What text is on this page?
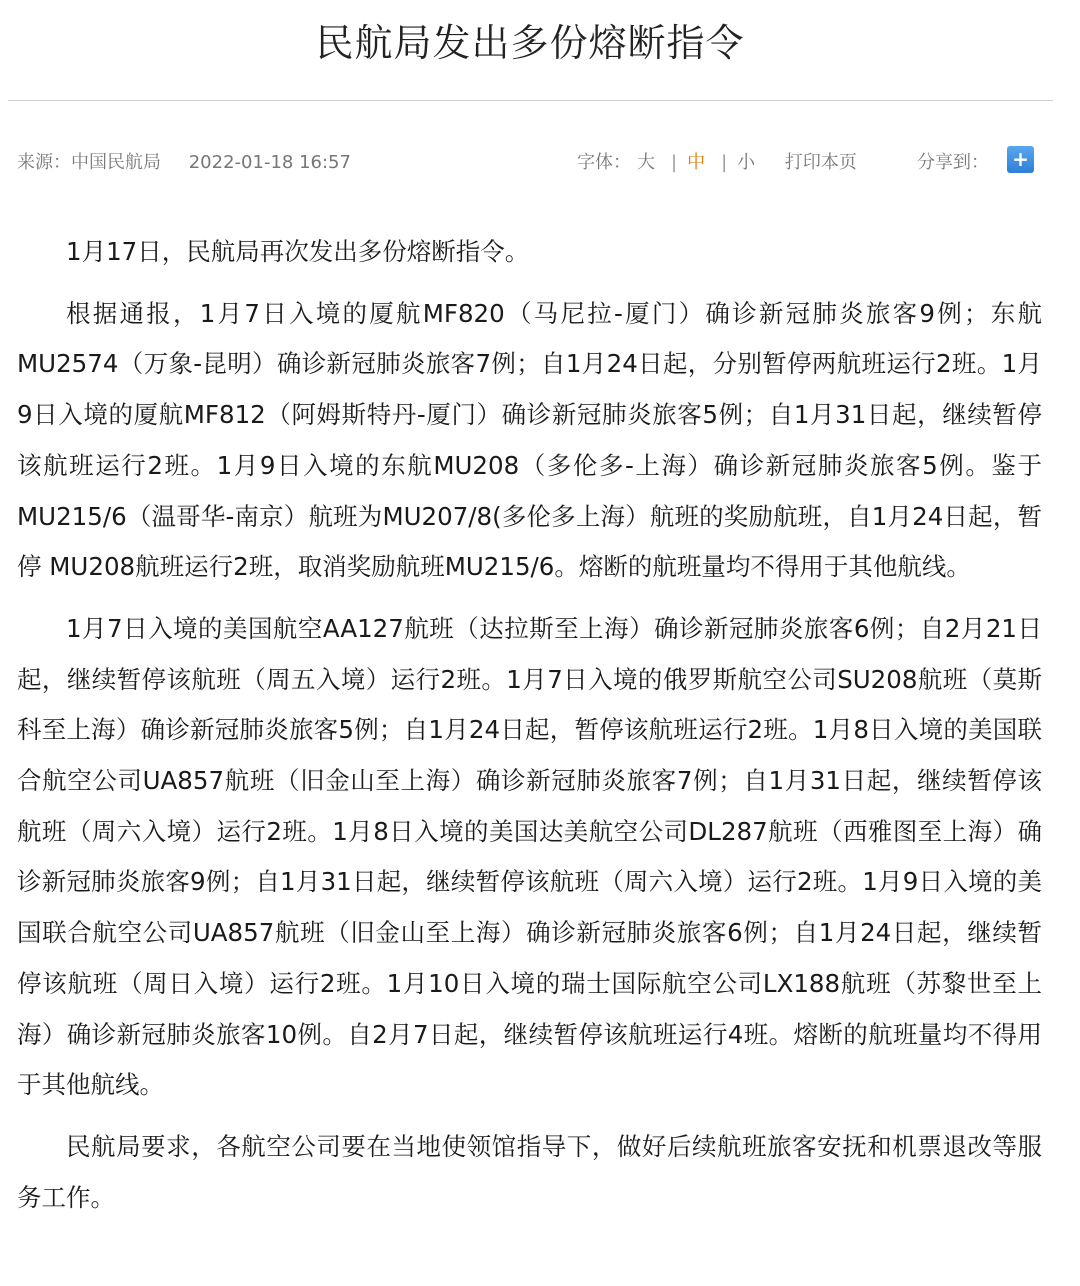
民航局发出多份熔断指令
来源：中国民航局 2022-01-18 16:57	字体： 大 | 中 | 小 打印本页	分享到： +

1月17日，民航局再次发出多份熔断指令。

根据通报，1月7日入境的厦航MF820（马尼拉-厦门）确诊新冠肺炎旅客9例；东航MU2574（万象-昆明）确诊新冠肺炎旅客7例；自1月24日起，分别暂停两航班运行2班。1月9日入境的厦航MF812（阿姆斯特丹-厦门）确诊新冠肺炎旅客5例；自1月31日起，继续暂停该航班运行2班。1月9日入境的东航MU208（多伦多-上海）确诊新冠肺炎旅客5例。鉴于MU215/6（温哥华-南京）航班为MU207/8(多伦多上海）航班的奖励航班，自1月24日起，暂停 MU208航班运行2班，取消奖励航班MU215/6。熔断的航班量均不得用于其他航线。

1月7日入境的美国航空AA127航班（达拉斯至上海）确诊新冠肺炎旅客6例；自2月21日起，继续暂停该航班（周五入境）运行2班。1月7日入境的俄罗斯航空公司SU208航班（莫斯科至上海）确诊新冠肺炎旅客5例；自1月24日起，暂停该航班运行2班。1月8日入境的美国联合航空公司UA857航班（旧金山至上海）确诊新冠肺炎旅客7例；自1月31日起，继续暂停该航班（周六入境）运行2班。1月8日入境的美国达美航空公司DL287航班（西雅图至上海）确诊新冠肺炎旅客9例；自1月31日起，继续暂停该航班（周六入境）运行2班。1月9日入境的美国联合航空公司UA857航班（旧金山至上海）确诊新冠肺炎旅客6例；自1月24日起，继续暂停该航班（周日入境）运行2班。1月10日入境的瑞士国际航空公司LX188航班（苏黎世至上海）确诊新冠肺炎旅客10例。自2月7日起，继续暂停该航班运行4班。熔断的航班量均不得用于其他航线。

民航局要求，各航空公司要在当地使领馆指导下，做好后续航班旅客安抚和机票退改等服务工作。
